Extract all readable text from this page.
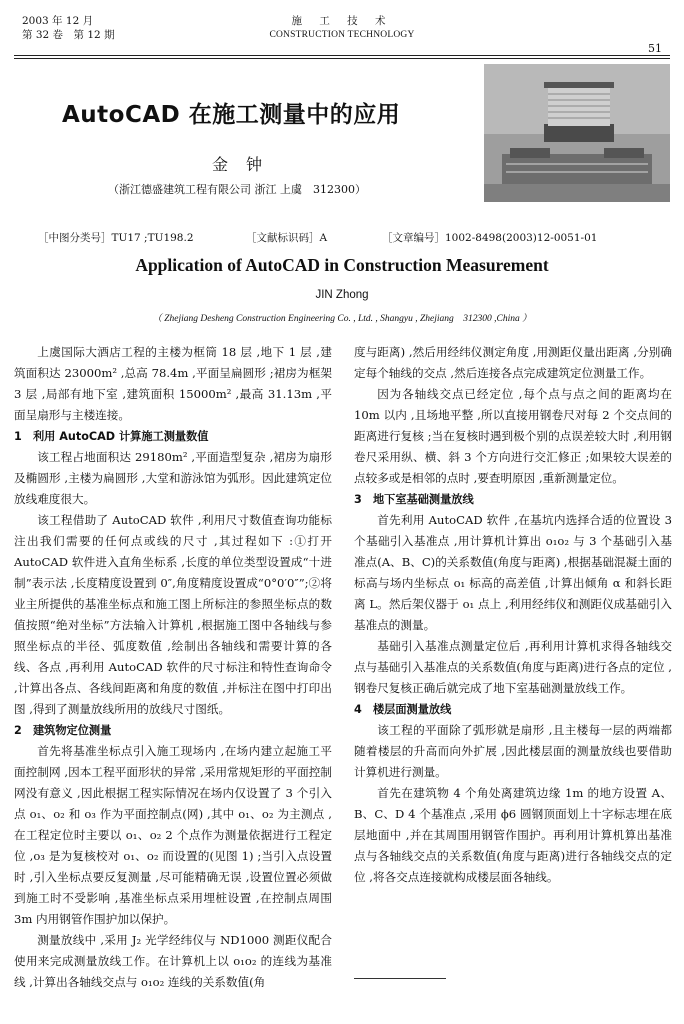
2003 年 12 月
第 32 卷　第 12 期
施 工 技 术
CONSTRUCTION TECHNOLOGY
51
AutoCAD 在施工测量中的应用
金钟
（浙江德盛建筑工程有限公司 浙江 上虞　312300）
［中图分类号］TU17 ;TU198.2	［文献标识码］A	［文章编号］1002-8498(2003)12-0051-01
Application of AutoCAD in Construction Measurement
JIN Zhong
（ Zhejiang Desheng Construction Engineering Co. , Ltd. , Shangyu , Zhejiang　312300 ,China ）

上虞国际大酒店工程的主楼为框筒 18 层 ,地下 1 层 ,建筑面积达 23000m² ,总高 78.4m ,平面呈扁圆形 ;裙房为框架 3 层 ,局部有地下室 ,建筑面积 15000m² ,最高 31.13m ,平面呈扇形与主楼连接。

1　利用 AutoCAD 计算施工测量数值

该工程占地面积达 29180m² ,平面造型复杂 ,裙房为扇形及椭圆形 ,主楼为扁圆形 ,大堂和游泳馆为弧形。因此建筑定位放线难度很大。

该工程借助了 AutoCAD 软件 ,利用尺寸数值查询功能标注出我们需要的任何点或线的尺寸 ,其过程如下 :①打开 AutoCAD 软件进入直角坐标系 ,长度的单位类型设置成“十进制”表示法 ,长度精度设置到 0″,角度精度设置成“0°0′0″”;②将业主所提供的基准坐标点和施工图上所标注的参照坐标点的数值按照“绝对坐标”方法输入计算机 ,根据施工图中各轴线与参照坐标点的半径、弧度数值 ,绘制出各轴线和需要计算的各线、各点 ,再利用 AutoCAD 软件的尺寸标注和特性查询命令 ,计算出各点、各线间距离和角度的数值 ,并标注在图中打印出图 ,得到了测量放线所用的放线尺寸图纸。

2　建筑物定位测量

首先将基准坐标点引入施工现场内 ,在场内建立起施工平面控制网 ,因本工程平面形状的异常 ,采用常规矩形的平面控制网没有意义 ,因此根据工程实际情况在场内仅设置了 3 个引入点 o₁、o₂ 和 o₃ 作为平面控制点(网) ,其中 o₁、o₂ 为主测点 ,在工程定位时主要以 o₁、o₂ 2 个点作为测量依据进行工程定位 ,o₃ 是为复核校对 o₁、o₂ 而设置的(见图 1) ;当引入点设置时 ,引入坐标点要反复测量 ,尽可能精确无误 ,设置位置必须做到施工时不受影响 ,基准坐标点采用埋桩设置 ,在控制点周围 3m 内用钢管作围护加以保护。

测量放线中 ,采用 J₂ 光学经纬仪与 ND1000 测距仪配合使用来完成测量放线工作。在计算机上以 o₁o₂ 的连线为基准线 ,计算出各轴线交点与 o₁o₂ 连线的关系数值(角

度与距离) ,然后用经纬仪测定角度 ,用测距仪量出距离 ,分别确定每个轴线的交点 ,然后连接各点完成建筑定位测量工作。

因为各轴线交点已经定位 ,每个点与点之间的距离均在 10m 以内 ,且场地平整 ,所以直接用钢卷尺对每 2 个交点间的距离进行复核 ;当在复核时遇到极个别的点误差较大时 ,利用钢卷尺采用纵、横、斜 3 个方向进行交汇修正 ;如果较大误差的点较多或是相邻的点时 ,要查明原因 ,重新测量定位。

3　地下室基础测量放线

首先利用 AutoCAD 软件 ,在基坑内选择合适的位置设 3 个基础引入基准点 ,用计算机计算出 o₁o₂ 与 3 个基础引入基准点(A、B、C)的关系数值(角度与距离) ,根据基础混凝土面的标高与场内坐标点 o₁ 标高的高差值 ,计算出倾角 α 和斜长距离 L。然后架仪器于 o₁ 点上 ,利用经纬仪和测距仪成基础引入基准点的测量。

基础引入基准点测量定位后 ,再利用计算机求得各轴线交点与基础引入基准点的关系数值(角度与距离)进行各点的定位 ,钢卷尺复核正确后就完成了地下室基础测量放线工作。

4　楼层面测量放线

该工程的平面除了弧形就是扇形 ,且主楼每一层的两端都随着楼层的升高而向外扩展 ,因此楼层面的测量放线也要借助计算机进行测量。

首先在建筑物 4 个角处离建筑边缘 1m 的地方设置 A、B、C、D 4 个基准点 ,采用 ϕ6 圆钢顶面划上十字标志埋在底层地面中 ,并在其周围用钢管作围护。再利用计算机算出基准点与各轴线交点的关系数值(角度与距离)进行各轴线交点的定位 ,将各交点连接就构成楼层面各轴线。
